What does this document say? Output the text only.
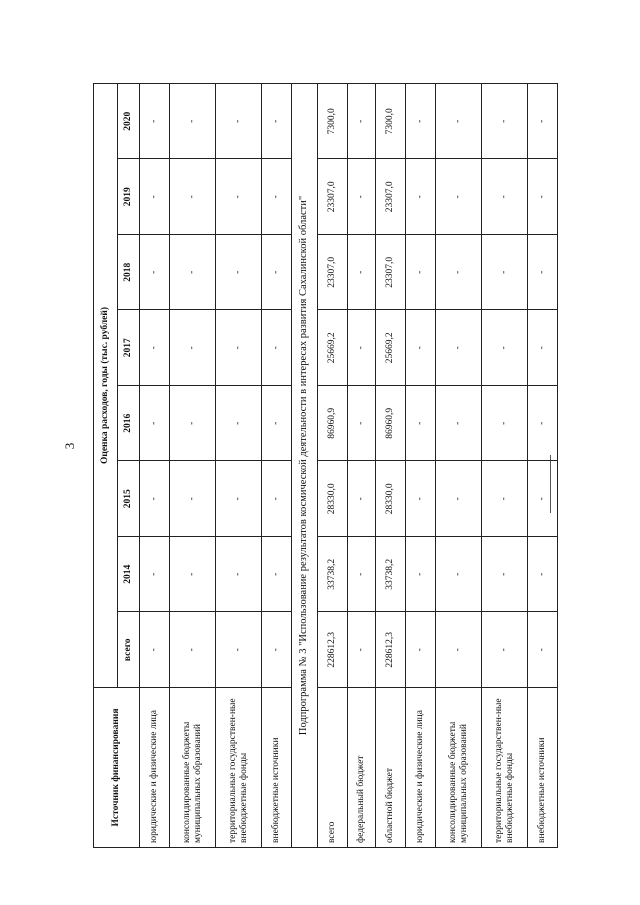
3
Источник финансирования	Оценка расходов, годы (тыс. рублей)							
	всего	2014	2015	2016	2017	2018	2019	2020
юридические и физические лица	-	-	-	-	-	-	-	-
консолидированные бюджеты муниципальных образований	-	-	-	-	-	-	-	-
территориальные государствен-ные внебюджетные фонды	-	-	-	-	-	-	-	-
внебюджетные источники	-	-	-	-	-	-	-	-
Подпрограмма № 3 "Использование результатов космической деятельности в интересах развития Сахалинской области"								
всего	228612,3	33738,2	28330,0	86960,9	25669,2	23307,0	23307,0	7300,0
федеральный бюджет	-	-	-	-	-	-	-	-
областной бюджет	228612,3	33738,2	28330,0	86960,9	25669,2	23307,0	23307,0	7300,0
юридические и физические лица	-	-	-	-	-	-	-	-
консолидированные бюджеты муниципальных образований	-	-	-	-	-	-	-	-
территориальные государствен-ные внебюджетные фонды	-	-	-	-	-	-	-	-
внебюджетные источники	-	-	-	-	-	-	-	-
